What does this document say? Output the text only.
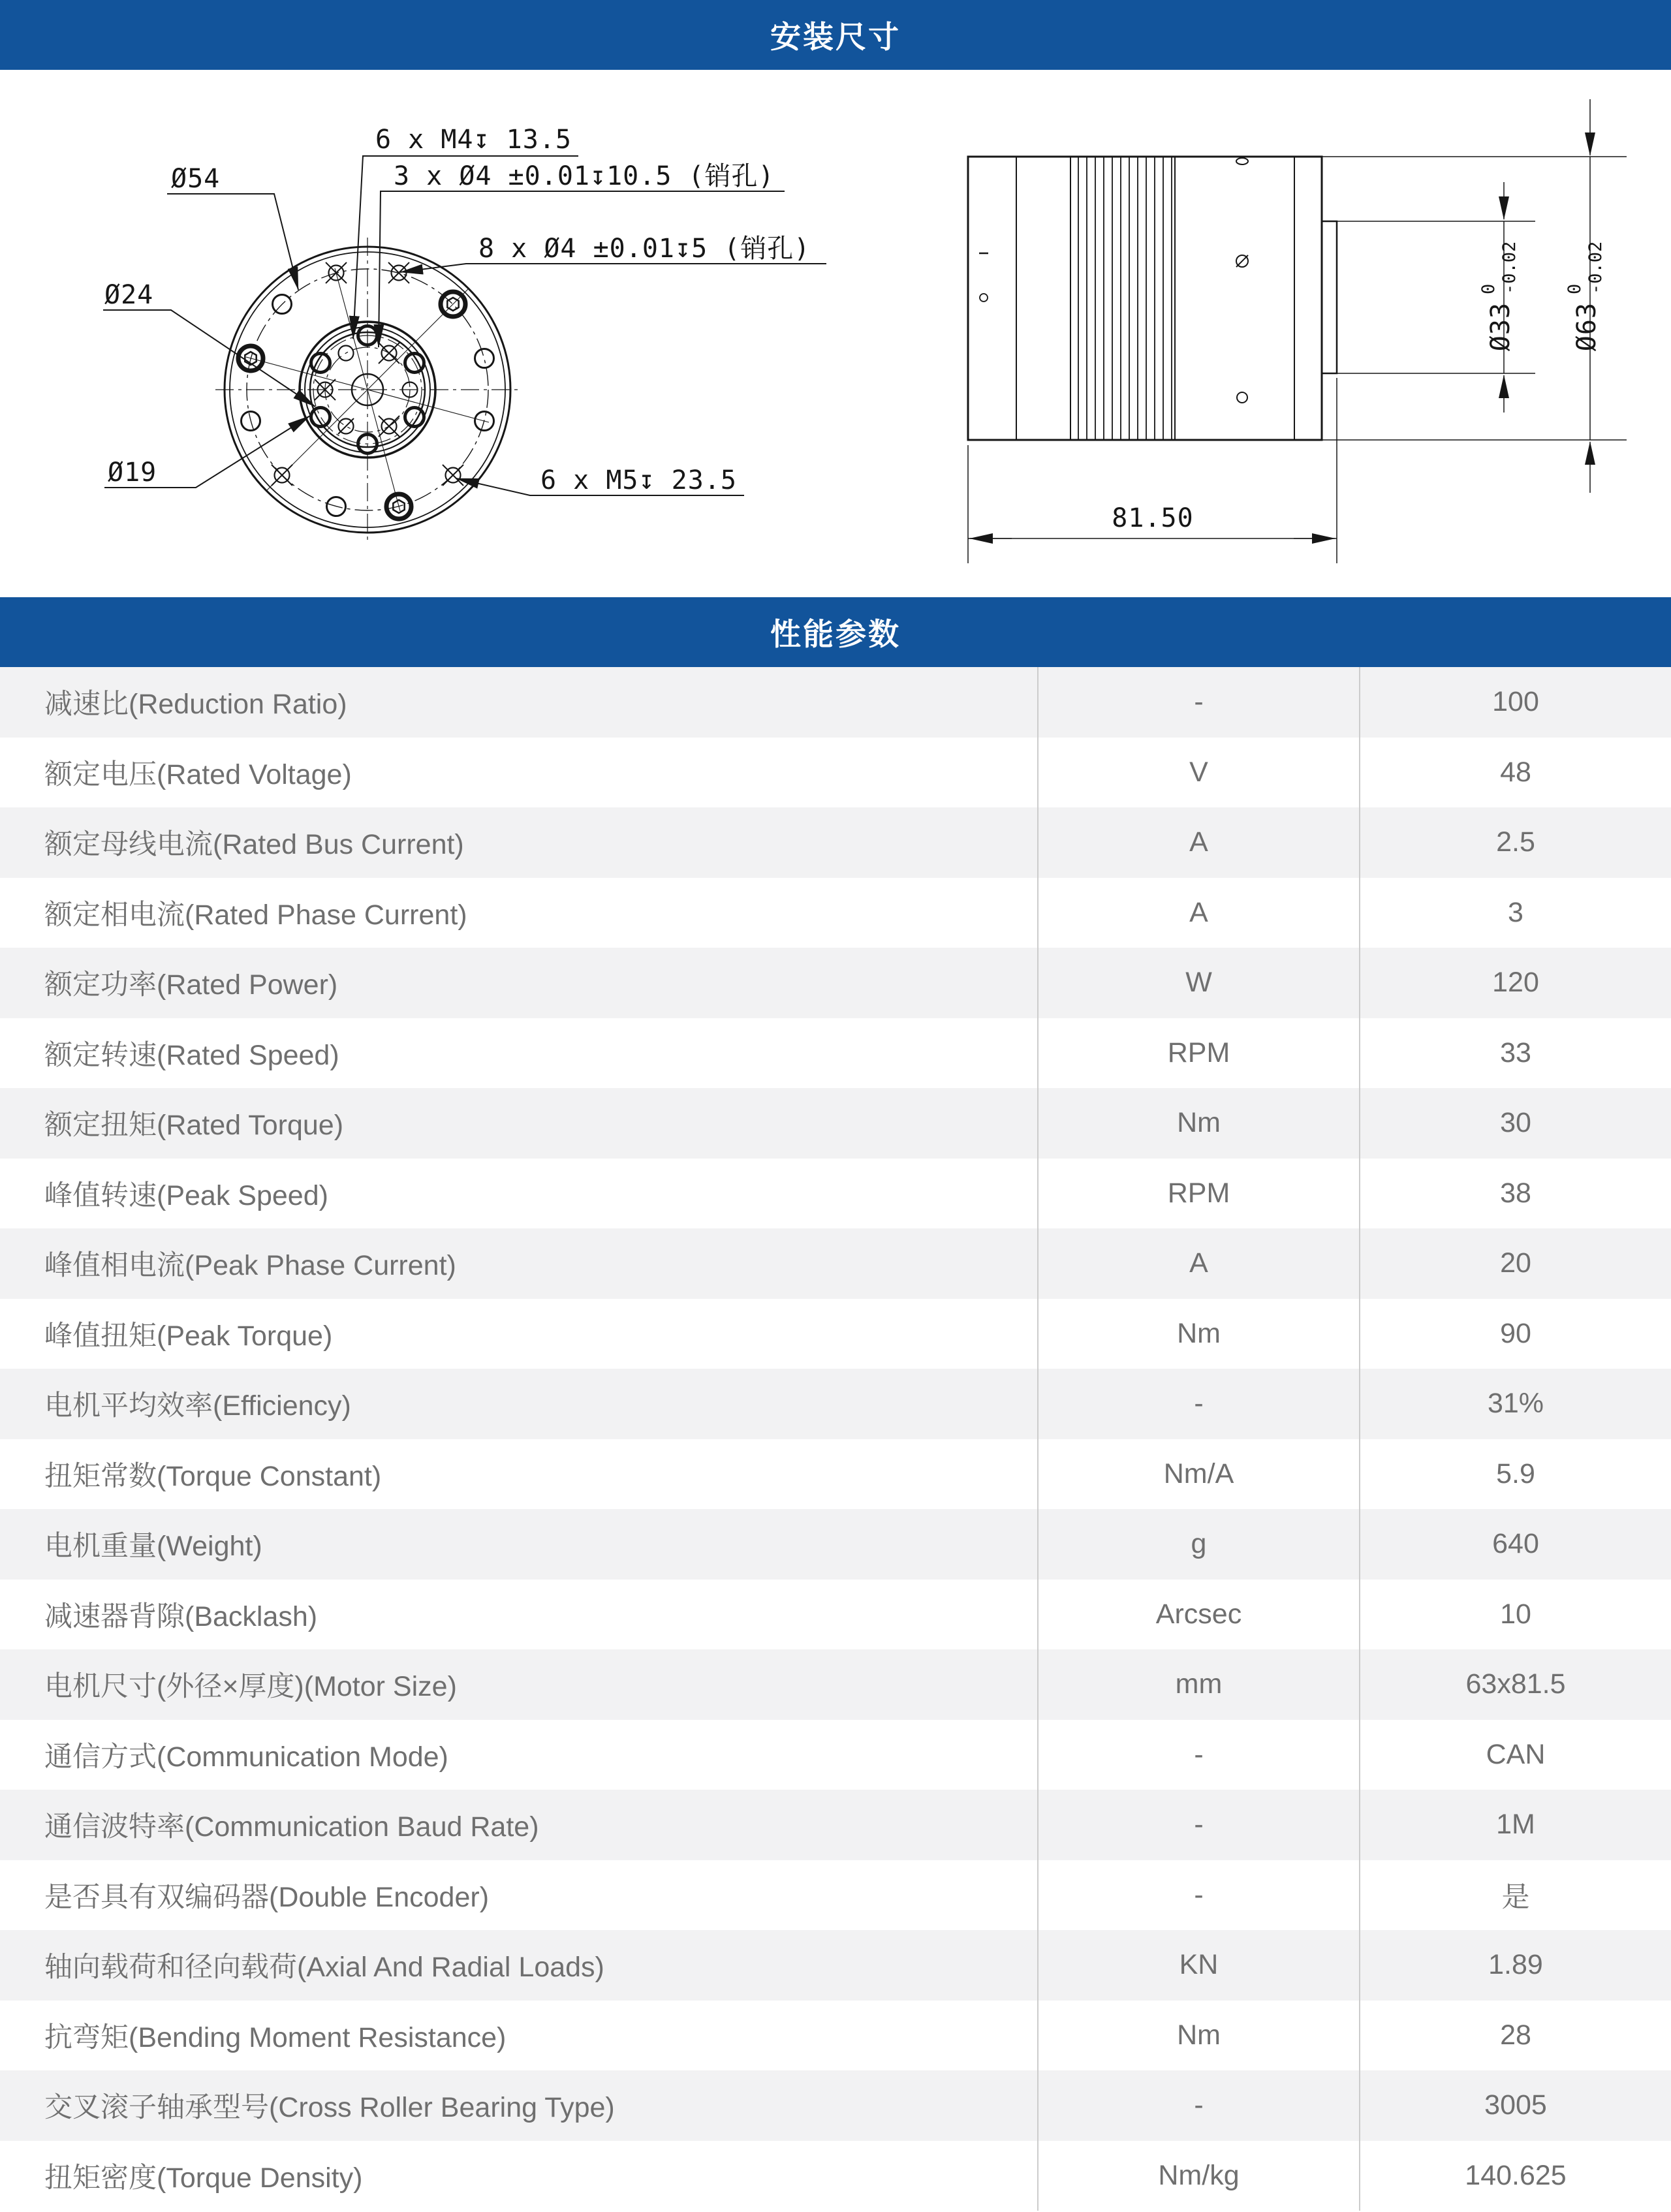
安装尺寸
6 x M4↧ 13.5
3 x Ø4 ±0.01↧10.5 (销孔)
8 x Ø4 ±0.01↧5 (销孔)
6 x M5↧ 23.5
Ø54
Ø24
Ø19
81.50
Ø63
0 -0.02
Ø33
0 -0.02
性能参数
减速比(Reduction Ratio)	-	100
额定电压(Rated Voltage)	V	48
额定母线电流(Rated Bus Current)	A	2.5
额定相电流(Rated Phase Current)	A	3
额定功率(Rated Power)	W	120
额定转速(Rated Speed)	RPM	33
额定扭矩(Rated Torque)	Nm	30
峰值转速(Peak Speed)	RPM	38
峰值相电流(Peak Phase Current)	A	20
峰值扭矩(Peak Torque)	Nm	90
电机平均效率(Efficiency)	-	31%
扭矩常数(Torque Constant)	Nm/A	5.9
电机重量(Weight)	g	640
减速器背隙(Backlash)	Arcsec	10
电机尺寸(外径×厚度)(Motor Size)	mm	63x81.5
通信方式(Communication Mode)	-	CAN
通信波特率(Communication Baud Rate)	-	1M
是否具有双编码器(Double Encoder)	-	是
轴向载荷和径向载荷(Axial And Radial Loads)	KN	1.89
抗弯矩(Bending Moment Resistance)	Nm	28
交叉滚子轴承型号(Cross Roller Bearing Type)	-	3005
扭矩密度(Torque Density)	Nm/kg	140.625
